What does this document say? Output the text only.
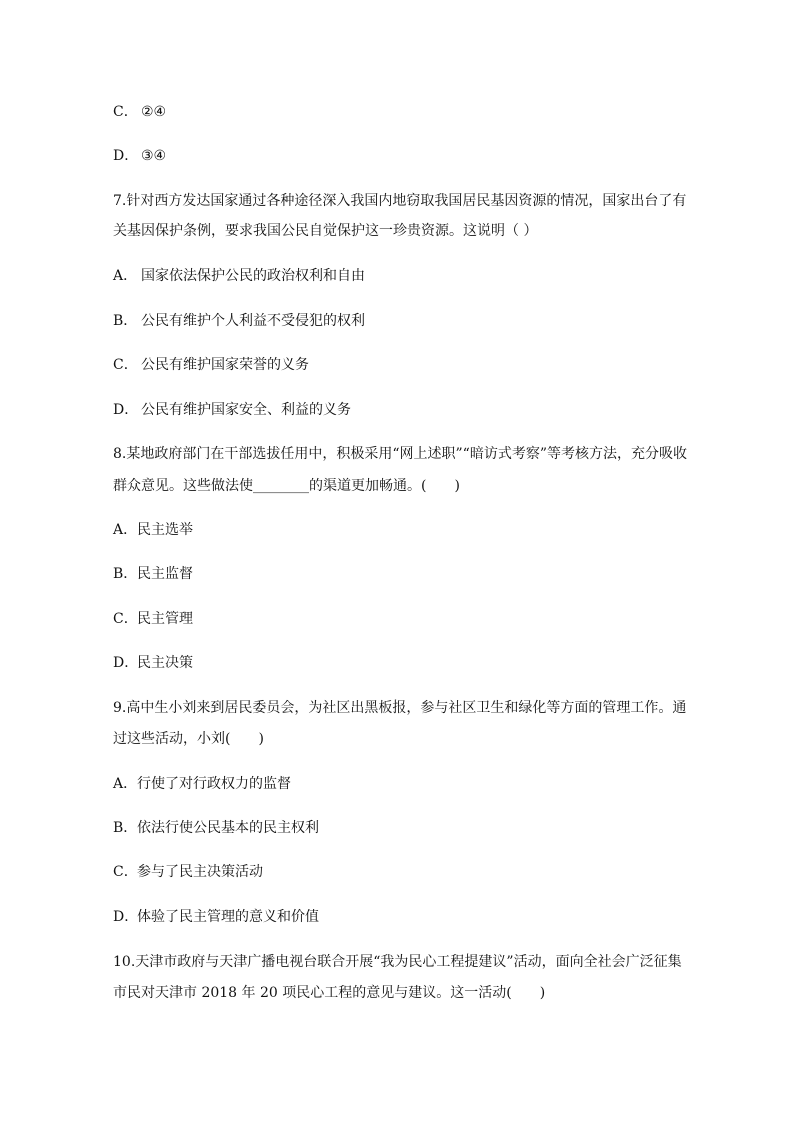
C． ②④
D． ③④
7.针对西方发达国家通过各种途径深入我国内地窃取我国居民基因资源的情况，国家出台了有
关基因保护条例，要求我国公民自觉保护这一珍贵资源。这说明（ ）
A． 国家依法保护公民的政治权利和自由
B． 公民有维护个人利益不受侵犯的权利
C． 公民有维护国家荣誉的义务
D． 公民有维护国家安全、利益的义务
8.某地政府部门在干部选拔任用中，积极采用“网上述职”“暗访式考察”等考核方法，充分吸收
群众意见。这些做法使________的渠道更加畅通。(　　)
A．民主选举
B．民主监督
C．民主管理
D．民主决策
9.高中生小刘来到居民委员会，为社区出黑板报，参与社区卫生和绿化等方面的管理工作。通
过这些活动，小刘(　　)
A．行使了对行政权力的监督
B．依法行使公民基本的民主权利
C．参与了民主决策活动
D．体验了民主管理的意义和价值
10.天津市政府与天津广播电视台联合开展“我为民心工程提建议”活动，面向全社会广泛征集
市民对天津市 2018 年 20 项民心工程的意见与建议。这一活动(　　)
